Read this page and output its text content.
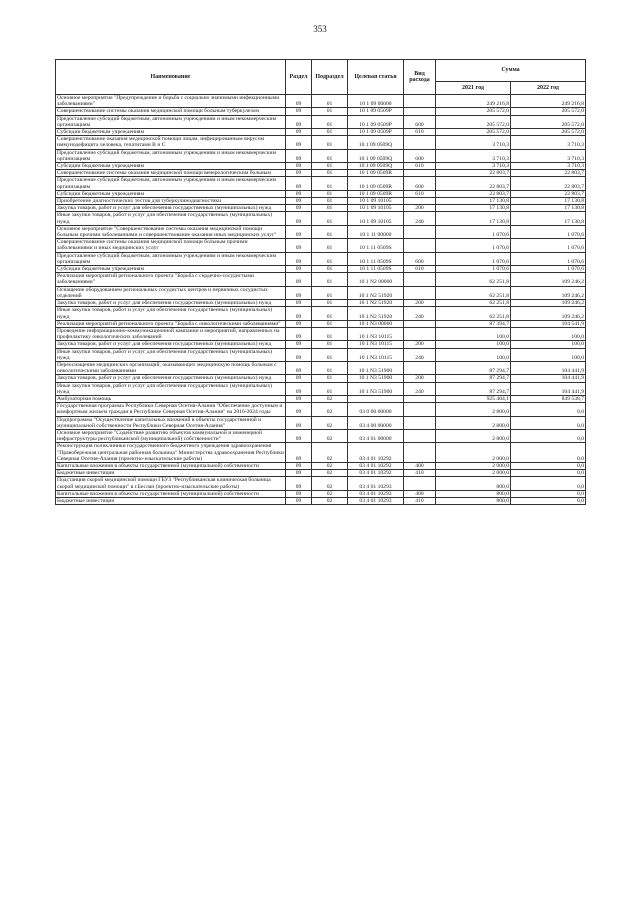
353
Наименование	Раздел	Подраздел	Целевая статья	Вид расхода	Сумма	
					2021 год	2022 год
Основное мероприятие "Предупреждение и борьба с социально значимыми инфекционными заболеваниями"	09	01	10 1 09 00000		249 216,8	249 216,8
Совершенствование системы оказания медицинской помощи больным туберкулезом	09	01	10 1 09 0509Р		205 572,0	205 572,0
Предоставление субсидий бюджетным, автономным учреждениям и иным некоммерческим организациям	09	01	10 1 09 0509Р	600	205 572,0	205 572,0
Субсидии бюджетным учреждениям	09	01	10 1 09 0509Р	610	205 572,0	205 572,0
Совершенствование оказания медицинской помощи лицам, инфицированным вирусом иммунодефицита человека, гепатитами В и С	09	01	10 1 09 0509Q		3 710,3	3 710,3
Предоставление субсидий бюджетным, автономным учреждениям и иным некоммерческим организациям	09	01	10 1 09 0509Q	600	3 710,3	3 710,3
Субсидии бюджетным учреждениям	09	01	10 1 09 0509Q	610	3 710,3	3 710,3
Совершенствование системы оказания медицинской помощи венерологическим больным	09	01	10 1 09 0509R		22 803,7	22 803,7
Предоставление субсидий бюджетным, автономным учреждениям и иным некоммерческим организациям	09	01	10 1 09 0509R	600	22 803,7	22 803,7
Субсидии бюджетным учреждениям	09	01	10 1 09 0509R	610	22 803,7	22 803,7
Приобретение диагностических тестов для туберкулинодиагностики	09	01	10 1 09 10105		17 130,8	17 130,8
Закупка товаров, работ и услуг для обеспечения государственных (муниципальных) нужд	09	01	10 1 09 10105	200	17 130,8	17 130,8
Иные закупки товаров, работ и услуг для обеспечения государственных (муниципальных) нужд	09	01	10 1 09 10105	240	17 130,8	17 130,8
Основное мероприятие "Совершенствование системы оказания медицинской помощи больным прочими заболеваниями и совершенствование оказания иных медицинских услуг"	09	01	10 1 11 00000		1 070,6	1 070,6
Совершенствование системы оказания медицинской помощи больным прочими заболеваниями и иных медицинских услуг	09	01	10 1 11 0509S		1 070,6	1 070,6
Предоставление субсидий бюджетным, автономным учреждениям и иным некоммерческим организациям	09	01	10 1 11 0509S	600	1 070,6	1 070,6
Субсидии бюджетным учреждениям	09	01	10 1 11 0509S	610	1 070,6	1 070,6
Реализация мероприятий регионального проекта "Борьба с сердечно-сосудистыми заболеваниями"	09	01	10 1 N2 00000		62 251,8	109 246,2
Оснащение оборудованием региональных сосудистых центров и первичных сосудистых отделений	09	01	10 1 N2 51920		62 251,8	109 246,2
Закупка товаров, работ и услуг для обеспечения государственных (муниципальных) нужд	09	01	10 1 N2 51920	200	62 251,8	109 246,2
Иные закупки товаров, работ и услуг для обеспечения государственных (муниципальных) нужд	09	01	10 1 N2 51920	240	62 251,8	109 246,2
Реализация мероприятий регионального проекта "Борьба с онкологическими заболеваниями"	09	01	10 1 N3 00000		87 394,7	104 541,9
Проведение информационно-коммуникационной кампании и мероприятий, направленных на профилактику онкологических заболеваний	09	01	10 1 N3 10115		100,0	100,0
Закупка товаров, работ и услуг для обеспечения государственных (муниципальных) нужд	09	01	10 1 N3 10115	200	100,0	100,0
Иные закупки товаров, работ и услуг для обеспечения государственных (муниципальных) нужд	09	01	10 1 N3 10115	240	100,0	100,0
Переоснащение медицинских организаций, оказывающих медицинскую помощь больным с онкологическими заболеваниями	09	01	10 1 N3 51900		87 294,7	104 441,9
Закупка товаров, работ и услуг для обеспечения государственных (муниципальных) нужд	09	01	10 1 N3 51900	200	87 294,7	104 441,9
Иные закупки товаров, работ и услуг для обеспечения государственных (муниципальных) нужд	09	01	10 1 N3 51900	240	87 294,7	104 441,9
Амбулаторная помощь	09	02			925 404,1	849 538,7
Государственная программа Республики Северная Осетия-Алания "Обеспечение доступным и комфортным жильем граждан в Республике Северная Осетия-Алания" на 2016-2024 годы	09	02	03 0 00 00000		2 800,0	0,0
Подпрограмма "Осуществление капитальных вложений в объекты государственной и муниципальной собственности Республики Северная Осетия-Алания"	09	02	03 4 00 00000		2 800,0	0,0
Основное мероприятие "Содействие развитию объектов коммунальной и инженерной инфраструктуры республиканской (муниципальной) собственности"	09	02	03 4 01 00000		2 800,0	0,0
Реконструкция поликлиники государственного бюджетного учреждения здравоохранения "Правобережная центральная районная больница" Министерства здравоохранения Республики Северная Осетия-Алания (проектно-изыскательские работы)	09	02	03 4 01 10292		2 000,0	0,0
Капитальные вложения в объекты государственной (муниципальной) собственности	09	02	03 4 01 10292	400	2 000,0	0,0
Бюджетные инвестиции	09	02	03 4 01 10292	410	2 000,0	0,0
Подстанция скорой медицинской помощи ГБУЗ "Республиканская клиническая больница скорой медицинской помощи" в г.Беслан (проектно-изыскательские работы)	09	02	03 4 01 10293		800,0	0,0
Капитальные вложения в объекты государственной (муниципальной) собственности	09	02	03 4 01 10293	400	800,0	0,0
Бюджетные инвестиции	09	02	03 4 01 10293	410	800,0	0,0
